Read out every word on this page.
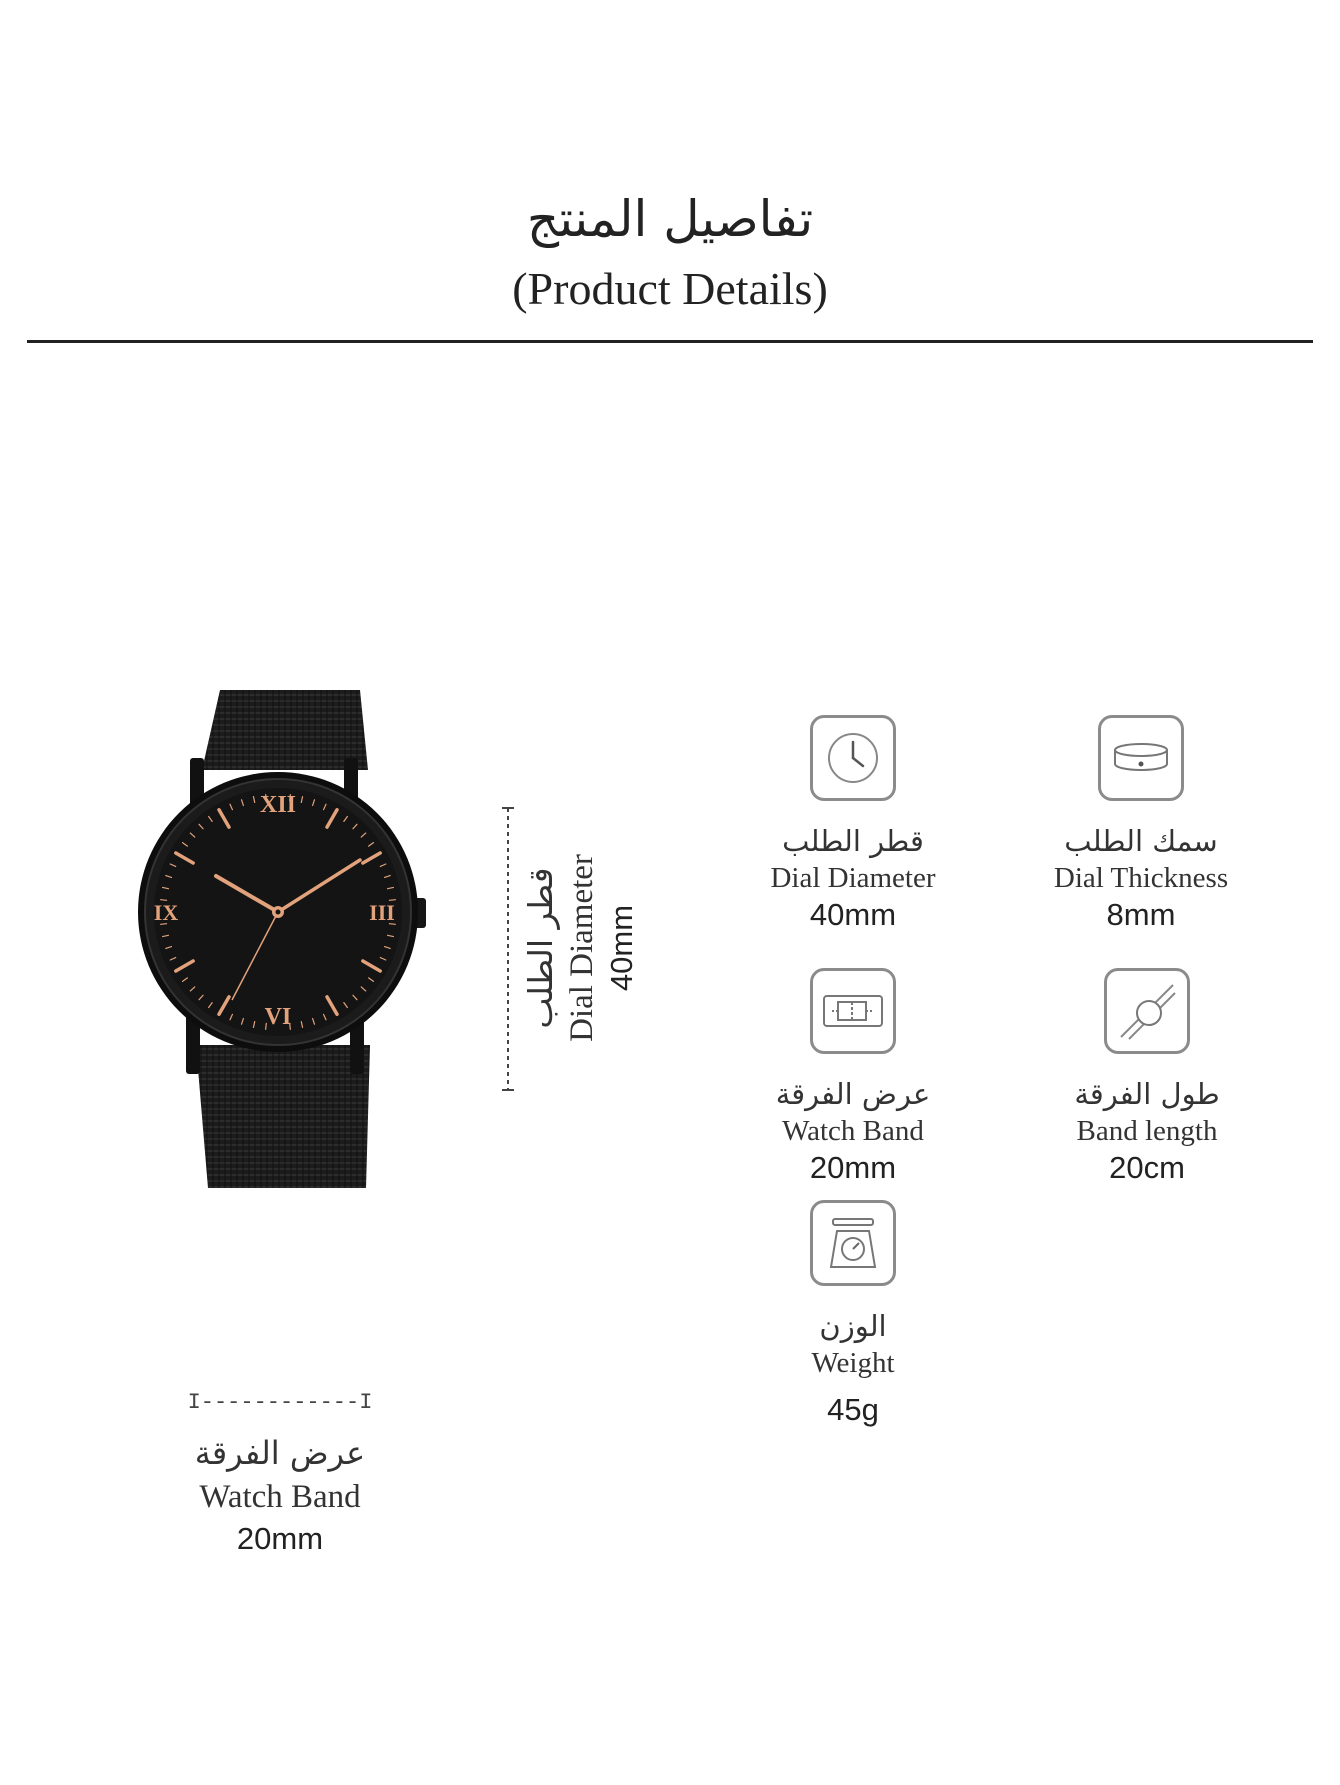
تفاصيل المنتج
(Product Details)
XII
III
VI
IX	قطر الطلب Dial Diameter 40mm
I------------I
عرض الفرقة
Watch Band
20mm
قطر الطلب
Dial Diameter
40mm
سمك الطلب
Dial Thickness
8mm
عرض الفرقة
Watch Band
20mm
طول الفرقة
Band length
20cm
الوزن
Weight
45g
